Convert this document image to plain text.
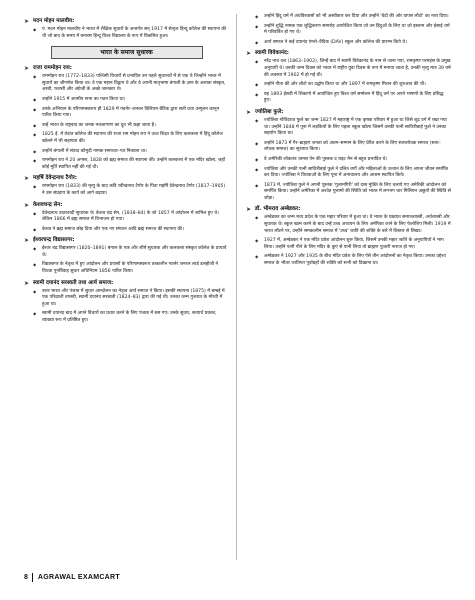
➤ मदन मोहन मालवीय:
◆	पं. मदन मोहन मालवीय ने भारत में शैक्षिक सुधारों के अन्तर्गत सन् 1917 में सेन्ट्रल हिन्दू कॉलेज की स्थापना की थी जो बाद के समय में बनारस हिन्दू विश्व विद्यालय के रूप में विकसित हुआ।
भारत के समाज सुधारक
➤ राजा राममोहन राय:
◆	राममोहन राय (1772–1833) पश्चिमी विचारों से प्रभावित उन पहले सुधारकों में से एक थे जिन्होंने भारत में सुधारों का श्रीगणेश किया था। वे एक महान विद्वान थे और वे अपनी मातृभाषा बंगाली के ज्ञान के अलावा संस्कृत, अरबी, फारसी और अंग्रेजी के अच्छे जानकार थे।
◆	उन्होंने 1915 में आत्मीय सभा का गठन किया था।
◆	उनके अभियान के परिणामस्वरूप ही 1829 में गवर्नर–जनरल विलियम बेंटिंक द्वारा सती प्रथा उन्मूलन कानून पारित किया गया।
◆	उन्हें भारत के राष्ट्रवाद का जनक नवजागरण का दूत भी कहा जाता है।
◆	1825 ई. में वेदांत कॉलेज की स्थापना की राजा राम मोहन राय ने उच्च शिक्षा के लिए कलकत्ता में हिंदू कॉलेज खोलने में भी सहायता की।
◆	उन्होंने बंगाली में संवाद कौमुदी नामक समाचार–पत्र निकाला था।
◆	राममोहन राय ने 20 अगस्त, 1828 को ब्रह्म समाज की स्थापना की। उन्होंने कलकत्ता में एक मंदिर खोला, जहाँ कोई मूर्ति स्थापित नहीं की गई थी।
➤ महर्षि देवेन्द्रनाथ टैगोर:
◆	राममोहन राय (1833) की मृत्यु के बाद कवि रवीन्द्रनाथ टैगोर के पिता महर्षि देवेन्द्रनाथ टैगोर (1817–1905) ने उस संप्रदाय के कार्य को आगे बढ़ाया।
➤ केशवचन्द्र सेन:
◆	देवेन्द्रनाथ उदारवादी सुधारक थे। केशव चंद्र सेन, (1838–84) के जो 1857 में आंदोलन में शामिल हुए थे। लेकिन 1866 में ब्रह्म समाज में विभाजन हो गया।
◆	केशव ने ब्रह्म समाज छोड़ दिया और एक नए संगठन आदि ब्रह्म समाज की स्थापना की।
➤ ईश्वरचन्द्र विद्यासागर:
◆	ईश्वर चंद्र विद्यासागर (1820–1891) बंगाल के एक और शीर्ष सुधारक और कलकत्ता संस्कृत कॉलेज के प्राचार्य थे।
◆	विद्यासागर के नेतृत्व में हुए आंदोलन और प्रयासों के परिणामस्वरूप तत्कालीन गवर्नर जनरल लार्ड डलहौजी ने विधवा पुनर्विवाह सुधार अधिनियम 1856 पारित किया।
➤ स्वामी दयानंद सरस्वती तथा आर्य समाज:
◆	उत्तर भारत और पंजाब में सुधार आन्दोलन का नेतृत्व आर्य समाज ने किया। इसकी स्थापना (1875) में बम्बई में एक परिव्राजी तपस्वी, स्वामी दयानंद सरस्वती (1824–83) द्वारा की गई थी। उनका जन्म गुजरात के मौरवी में हुआ था।
◆	स्वामी दयानंद बाद में अपने विचारों का प्रचार करने के लिए पंजाब में बस गए। उनके सुधार, सत्यार्थ प्रकाश, व्याख्या रूप में प्रतिष्ठित हुए।
◆	उन्होंने हिंदू धर्म में अंधविश्वासों को भी अस्वीकार कर दिया और उन्होंने 'वेदों की ओर वापस लौटो' का नारा दिया।
◆	उन्होंने शुद्धि नामक एक शुद्धिकरण समारोह आयोजित किया जो उन हिंदुओं के लिए था जो इस्लाम और ईसाई धर्म में परिवर्तित हो गए थे।
◆	आर्य समाज ने कई दयानंद एंग्लो–वैदिक (DAV) स्कूल और कॉलेज की प्रारम्भ किये थे।
➤ स्वामी विवेकानंद:
◆	नरेंद्र नाथ दत्त (1863–1902), जिन्हें बाद में स्वामी विवेकानंद के नाम से जाना गया, रामकृष्ण परमहंस के प्रमुख अनुयायी थे। उनकी जन्म दिवस को भारत में राष्ट्रीय युवा दिवस के रूप में मनाया जाता है, उनकी मृत्यु मात्र 39 वर्ष की अवस्था में 1902 में हो गई थी।
◆	उन्होंने गीता की ओर लौटो का उद्घोष किया था और 1897 में रामकृष्ण मिशन की शुरुआत की थी।
◆	वह 1893 ईसवी में शिकागो में आयोजित हुए विश्व धर्म सम्मेलन में हिंदू धर्म पर अपने भाषणों के लिए प्रसिद्ध हुए।
➤ ज्योतिबा फुले:
◆	ज्योतिबा गोविंदराव फुले का जन्म 1827 में महाराष्ट्र में एक कृषक परिवार में हुआ था जिसे शूद्र वर्ग में रखा गया था। उन्होंने 1848 में पूना में लड़कियों के लिए पहला स्कूल खोला जिसमें उनकी पत्नी सावित्रीबाई फुले ने उनका सहयोग किया था।
◆	उन्होंने 1873 में गैर–ब्राह्मण जनता को आत्म–सम्मान के लिए प्रेरित करने के लिए सत्यशोधक समाज (सत्य–शोधक समाज) का सूत्रपात किया।
◆	वे अमेरिकी लोकतंत्र थामस पेन की पुस्तक द राइट मैन से बहुत प्रभावित थे।
◆	ज्योतिबा और उनकी पत्नी सावित्रीबाई फुले ने दलित वर्गों और महिलाओं के उत्थान के लिए अपना जीवन समर्पित कर दिया। ज्योतिबा ने विधवाओं के लिए पूना में अनाथालय और आश्रम स्थापित किये।
◆	1873 में, ज्योतिबा फुले ने अपनी पुस्तक 'गुलामगिरी' को दास मुक्ति के लिए चलाये गए अमेरिकी आंदोलन को समर्पित किया। उन्होंने अमेरिका में अश्वेत गुलामों की स्थिति को भारत में लगभग चार मिलियन अछूतों की स्थिति से जोड़ा।
➤ डॉ. भीमराव अम्बेडकर:
◆	अम्बेडकर का जन्म मध्य प्रदेश के एक महार परिवार में हुआ था। वे भारत के प्रख्यात समाजशास्त्री, अर्थशास्त्री और सुधारक थे। स्कूल खत्म करने के बाद उन्हें उच्च अध्ययन के लिए अमेरिका जाने के लिए फेलोशिप मिली। 1919 में भारत लौटने पर, उन्होंने समकालीन समाज में 'उच्च' जाति की शक्ति के बारे में विस्तार से लिखा।
◆	1927 में, अम्बेडकर ने एक मंदिर प्रवेश आंदोलन शुरू किया, जिसमें उनकी महार जाति के अनुयायियों ने भाग लिया। उन्होंने पानी पीने के लिए मंदिर के कुएं से पानी लिया तो ब्राह्मण पुजारी नाराज हो गए।
◆	अम्बेडकर ने 1927 और 1935 के बीच मंदिर प्रवेश के लिए ऐसे तीन आंदोलनों का नेतृत्व किया। उनका उद्देश्य समाज के भीतर जातिगत पूर्वाग्रहों की शक्ति को सभी को दिखाना था।
8 AGRAWAL EXAMCART
